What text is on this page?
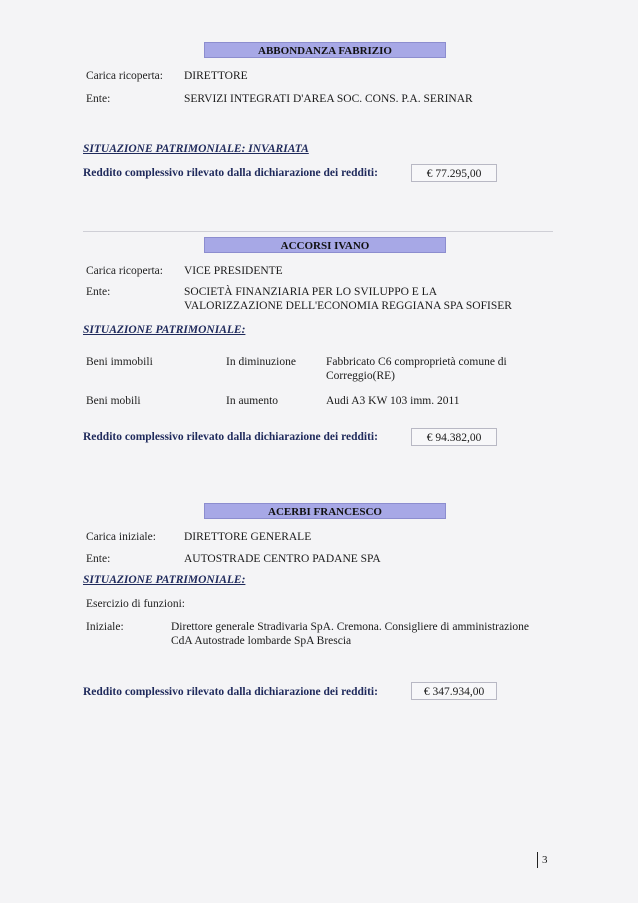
ABBONDANZA FABRIZIO
Carica ricoperta: DIRETTORE
Ente:	SERVIZI INTEGRATI D'AREA SOC. CONS. P.A. SERINAR
SITUAZIONE PATRIMONIALE: INVARIATA
Reddito complessivo rilevato dalla dichiarazione dei redditi:	€ 77.295,00
ACCORSI IVANO
Carica ricoperta: VICE PRESIDENTE
Ente:	SOCIETÀ FINANZIARIA PER LO SVILUPPO E LA
VALORIZZAZIONE DELL'ECONOMIA REGGIANA SPA SOFISER
SITUAZIONE PATRIMONIALE:
Beni immobili	In diminuzione	Fabbricato C6 comproprietà comune di
Correggio(RE)
Beni mobili	In aumento	Audi A3 KW 103 imm. 2011
Reddito complessivo rilevato dalla dichiarazione dei redditi:	€ 94.382,00
ACERBI FRANCESCO
Carica iniziale: DIRETTORE GENERALE
Ente:	AUTOSTRADE CENTRO PADANE SPA
SITUAZIONE PATRIMONIALE:
Esercizio di funzioni:
Iniziale:	Direttore generale Stradivaria SpA. Cremona. Consigliere di amministrazione
CdA Autostrade lombarde SpA Brescia
Reddito complessivo rilevato dalla dichiarazione dei redditi:	€ 347.934,00
3
